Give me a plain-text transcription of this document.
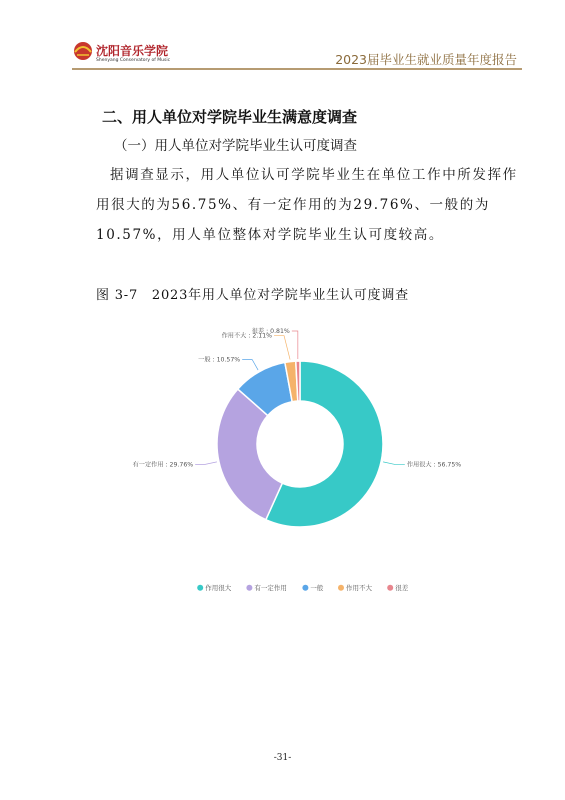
沈阳音乐学院
Shenyang Conservatory of Music	2023届毕业生就业质量年度报告
二、用人单位对学院毕业生满意度调查
（一）用人单位对学院毕业生认可度调查
据调查显示，用人单位认可学院毕业生在单位工作中所发挥作用很大的为56.75%、有一定作用的为29.76%、一般的为10.57%，用人单位整体对学院毕业生认可度较高。
图 3-7　2023年用人单位对学院毕业生认可度调查
作用很大 : 56.75%
有一定作用 : 29.76%
一般 : 10.57%
作用不大 : 2.11%
很差 : 0.81%
作用很大	有一定作用	一般	作用不大	很差
-31-
